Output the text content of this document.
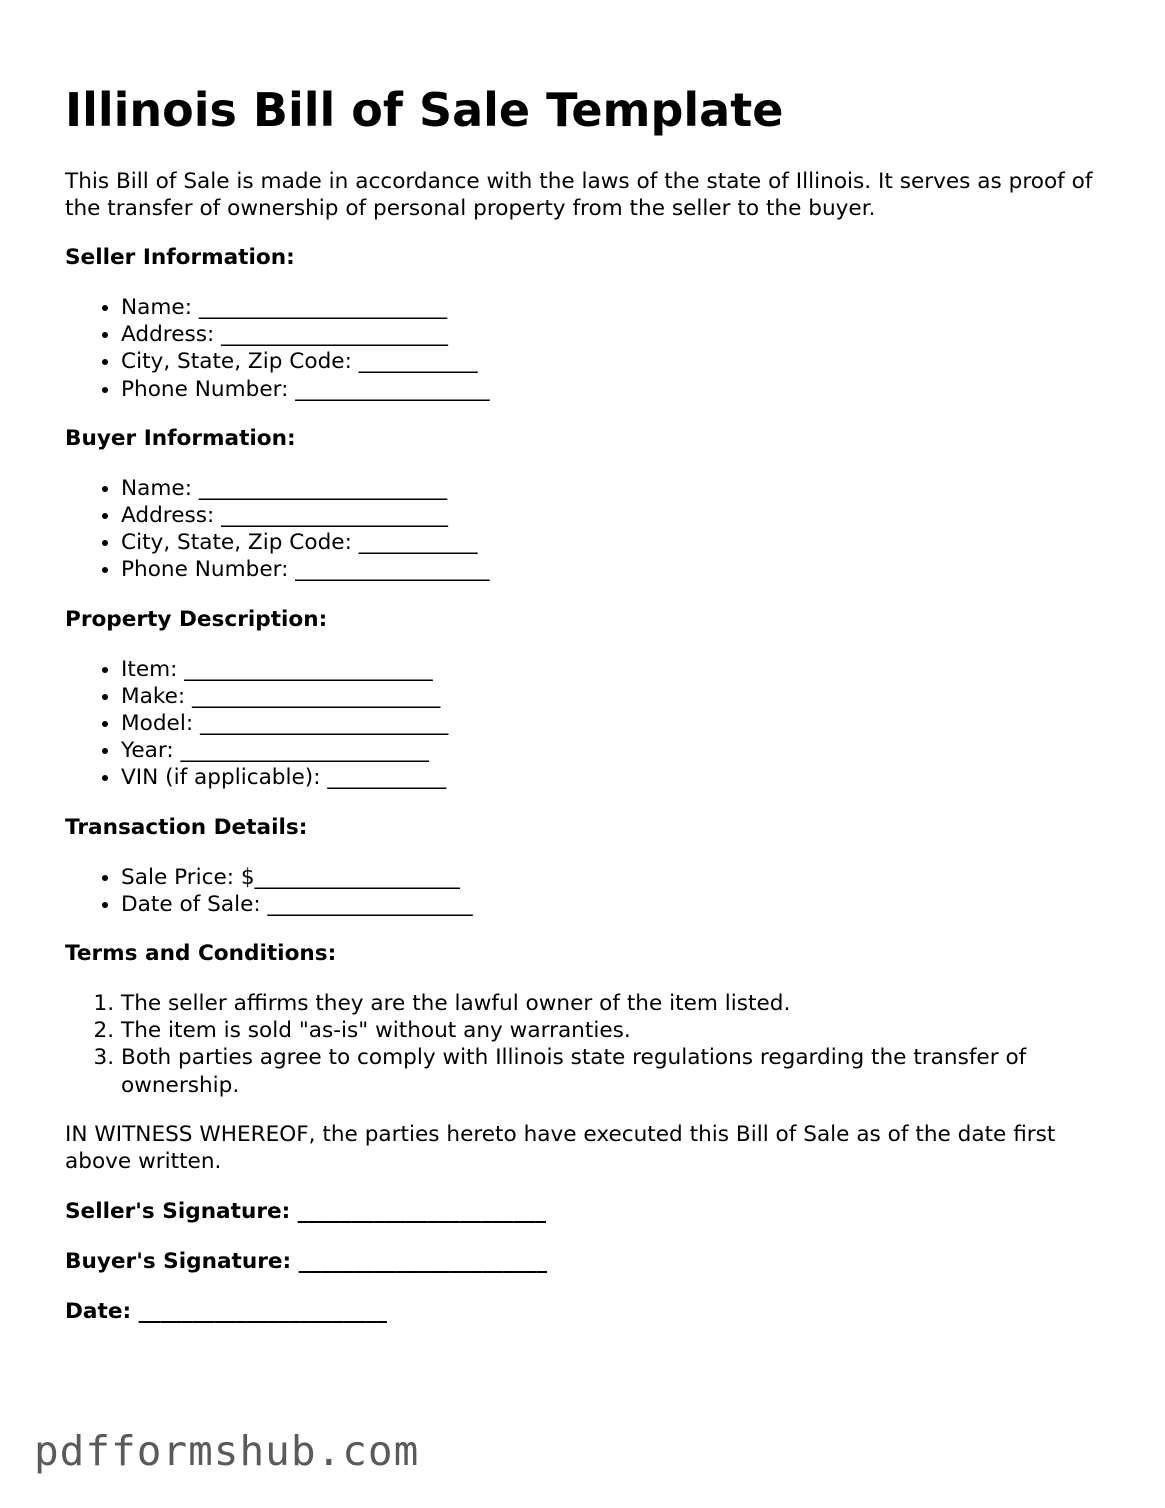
Illinois Bill of Sale Template

This Bill of Sale is made in accordance with the laws of the state of Illinois. It serves as proof of the transfer of ownership of personal property from the seller to the buyer.

Seller Information:
• Name: _______________________
• Address: _____________________
• City, State, Zip Code: ___________
• Phone Number: __________________
Buyer Information:
• Name: _______________________
• Address: _____________________
• City, State, Zip Code: ___________
• Phone Number: __________________
Property Description:
• Item: _______________________
• Make: _______________________
• Model: _______________________
• Year: _______________________
• VIN (if applicable): ___________
Transaction Details:
• Sale Price: $___________________
• Date of Sale: ___________________
Terms and Conditions:
1. The seller affirms they are the lawful owner of the item listed.
2. The item is sold "as-is" without any warranties.
3. Both parties agree to comply with Illinois state regulations regarding the transfer of ownership.

IN WITNESS WHEREOF, the parties hereto have executed this Bill of Sale as of the date first above written.

Seller's Signature: _______________________

Buyer's Signature: _______________________

Date: _______________________

pdfformshub.com
